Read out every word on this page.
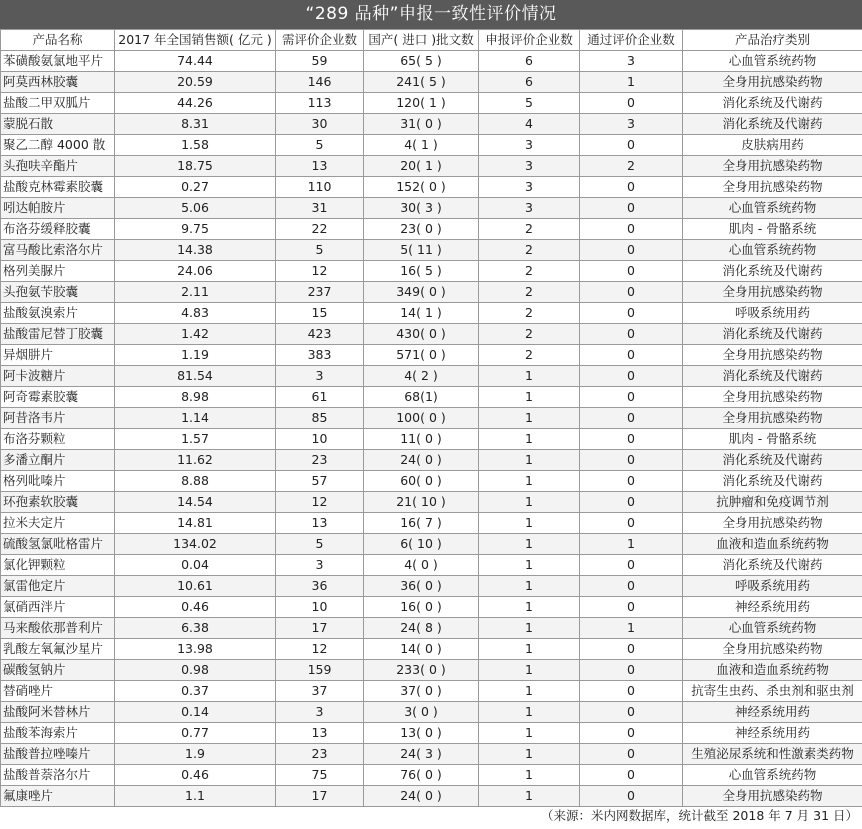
“289 品种”申报一致性评价情况
产品名称	2017 年全国销售额( 亿元 )	需评价企业数	国产( 进口 )批文数	申报评价企业数	通过评价企业数	产品治疗类别
苯磺酸氨氯地平片	74.44	59	65( 5 )	6	3	心血管系统药物
阿莫西林胶囊	20.59	146	241( 5 )	6	1	全身用抗感染药物
盐酸二甲双胍片	44.26	113	120( 1 )	5	0	消化系统及代谢药
蒙脱石散	8.31	30	31( 0 )	4	3	消化系统及代谢药
聚乙二醇 4000 散	1.58	5	4( 1 )	3	0	皮肤病用药
头孢呋辛酯片	18.75	13	20( 1 )	3	2	全身用抗感染药物
盐酸克林霉素胶囊	0.27	110	152( 0 )	3	0	全身用抗感染药物
吲达帕胺片	5.06	31	30( 3 )	3	0	心血管系统药物
布洛芬缓释胶囊	9.75	22	23( 0 )	2	0	肌肉 - 骨骼系统
富马酸比索洛尔片	14.38	5	5( 11 )	2	0	心血管系统药物
格列美脲片	24.06	12	16( 5 )	2	0	消化系统及代谢药
头孢氨苄胶囊	2.11	237	349( 0 )	2	0	全身用抗感染药物
盐酸氨溴索片	4.83	15	14( 1 )	2	0	呼吸系统用药
盐酸雷尼替丁胶囊	1.42	423	430( 0 )	2	0	消化系统及代谢药
异烟肼片	1.19	383	571( 0 )	2	0	全身用抗感染药物
阿卡波糖片	81.54	3	4( 2 )	1	0	消化系统及代谢药
阿奇霉素胶囊	8.98	61	68(1)	1	0	全身用抗感染药物
阿昔洛韦片	1.14	85	100( 0 )	1	0	全身用抗感染药物
布洛芬颗粒	1.57	10	11( 0 )	1	0	肌肉 - 骨骼系统
多潘立酮片	11.62	23	24( 0 )	1	0	消化系统及代谢药
格列吡嗪片	8.88	57	60( 0 )	1	0	消化系统及代谢药
环孢素软胶囊	14.54	12	21( 10 )	1	0	抗肿瘤和免疫调节剂
拉米夫定片	14.81	13	16( 7 )	1	0	全身用抗感染药物
硫酸氢氯吡格雷片	134.02	5	6( 10 )	1	1	血液和造血系统药物
氯化钾颗粒	0.04	3	4( 0 )	1	0	消化系统及代谢药
氯雷他定片	10.61	36	36( 0 )	1	0	呼吸系统用药
氯硝西泮片	0.46	10	16( 0 )	1	0	神经系统用药
马来酸依那普利片	6.38	17	24( 8 )	1	1	心血管系统药物
乳酸左氧氟沙星片	13.98	12	14( 0 )	1	0	全身用抗感染药物
碳酸氢钠片	0.98	159	233( 0 )	1	0	血液和造血系统药物
替硝唑片	0.37	37	37( 0 )	1	0	抗寄生虫药、杀虫剂和驱虫剂
盐酸阿米替林片	0.14	3	3( 0 )	1	0	神经系统用药
盐酸苯海索片	0.77	13	13( 0 )	1	0	神经系统用药
盐酸普拉唑嗪片	1.9	23	24( 3 )	1	0	生殖泌尿系统和性激素类药物
盐酸普萘洛尔片	0.46	75	76( 0 )	1	0	心血管系统药物
氟康唑片	1.1	17	24( 0 )	1	0	全身用抗感染药物
（来源：米内网数据库，统计截至 2018 年 7 月 31 日）
